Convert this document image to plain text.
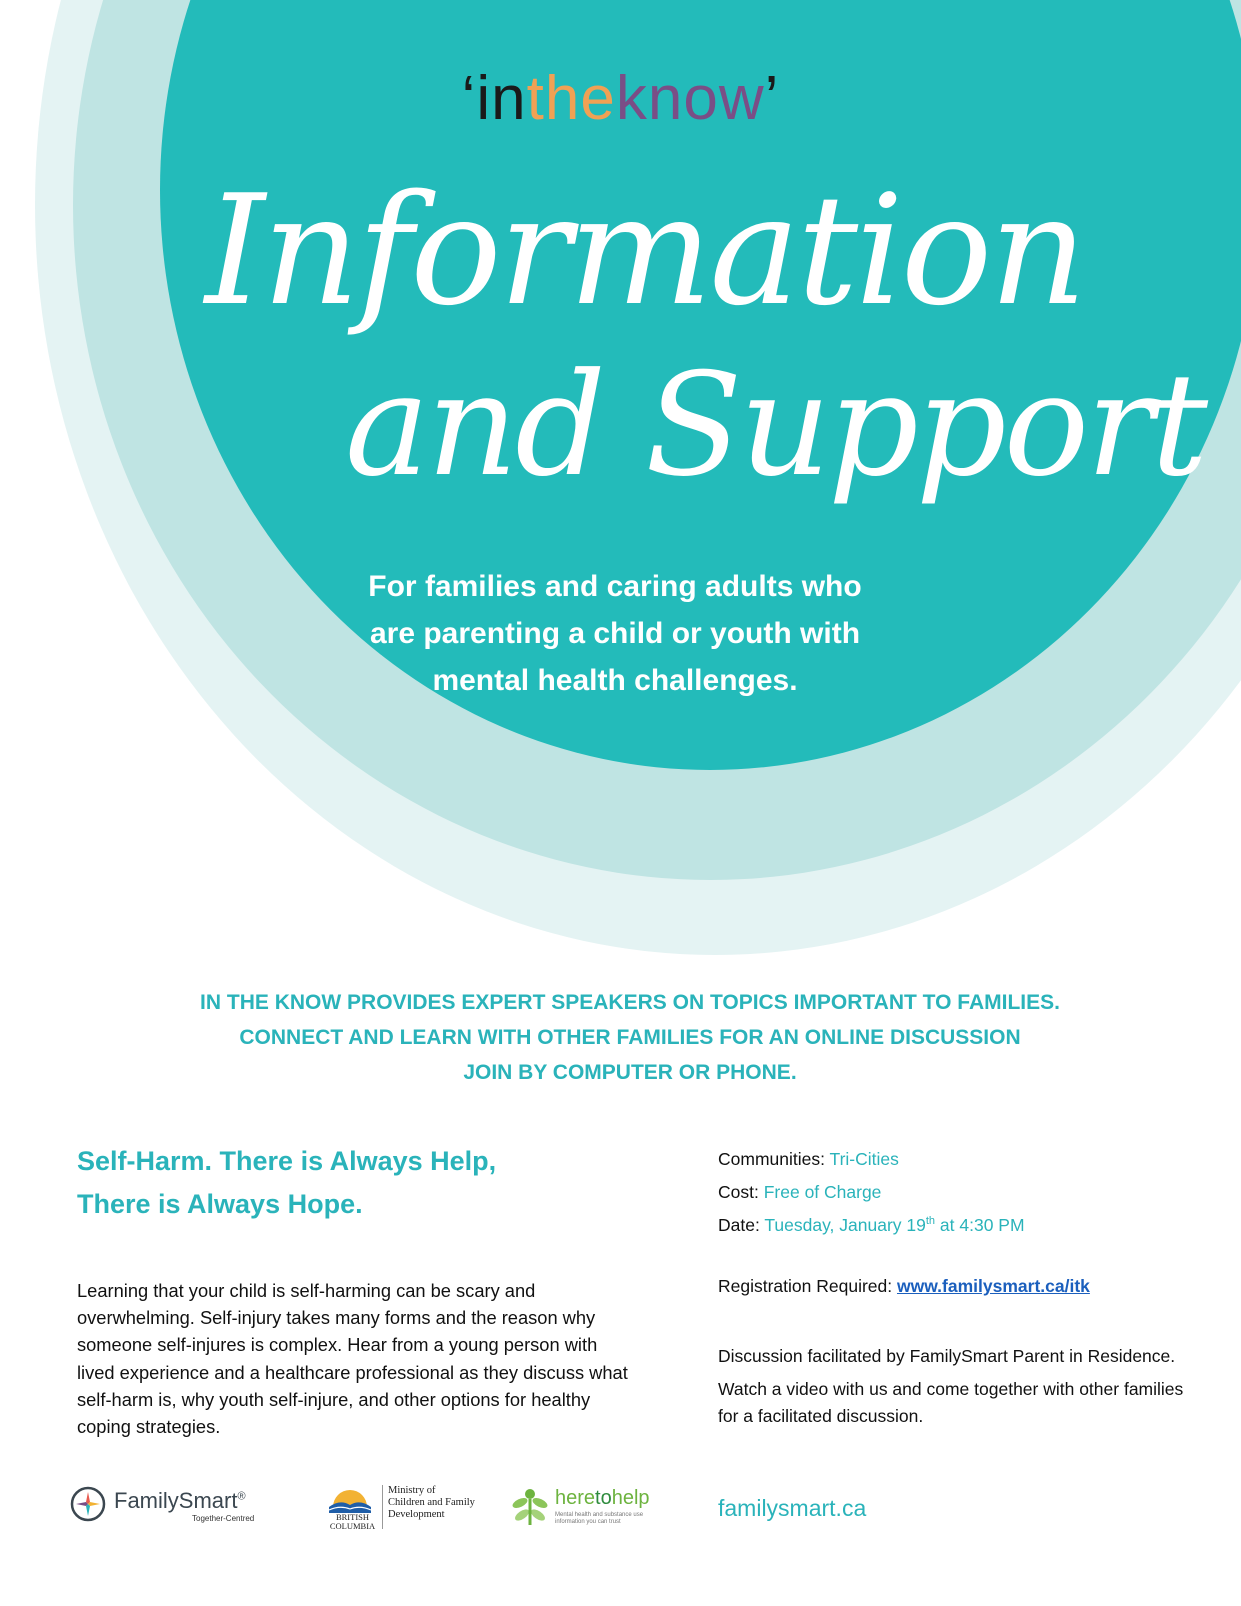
‘intheknow’
Information
and Support
For families and caring adults who
are parenting a child or youth with
mental health challenges.
IN THE KNOW PROVIDES EXPERT SPEAKERS ON TOPICS IMPORTANT TO FAMILIES.
CONNECT AND LEARN WITH OTHER FAMILIES FOR AN ONLINE DISCUSSION
JOIN BY COMPUTER OR PHONE.
Self-Harm. There is Always Help,
There is Always Hope.
Learning that your child is self-harming can be scary and overwhelming. Self-injury takes many forms and the reason why someone self-injures is complex. Hear from a young person with lived experience and a healthcare professional as they discuss what self-harm is, why youth self-injure, and other options for healthy coping strategies.
Communities: Tri-Cities
Cost: Free of Charge
Date: Tuesday, January 19th at 4:30 PM
Registration Required: www.familysmart.ca/itk

Discussion facilitated by FamilySmart Parent in Residence.

Watch a video with us and come together with other families for a facilitated discussion.

familysmart.ca
FamilySmart®
Together-Centred	BRITISH
COLUMBIA
Ministry of
Children and Family
Development
heretohelp
Mental health and substance use information you can trust
